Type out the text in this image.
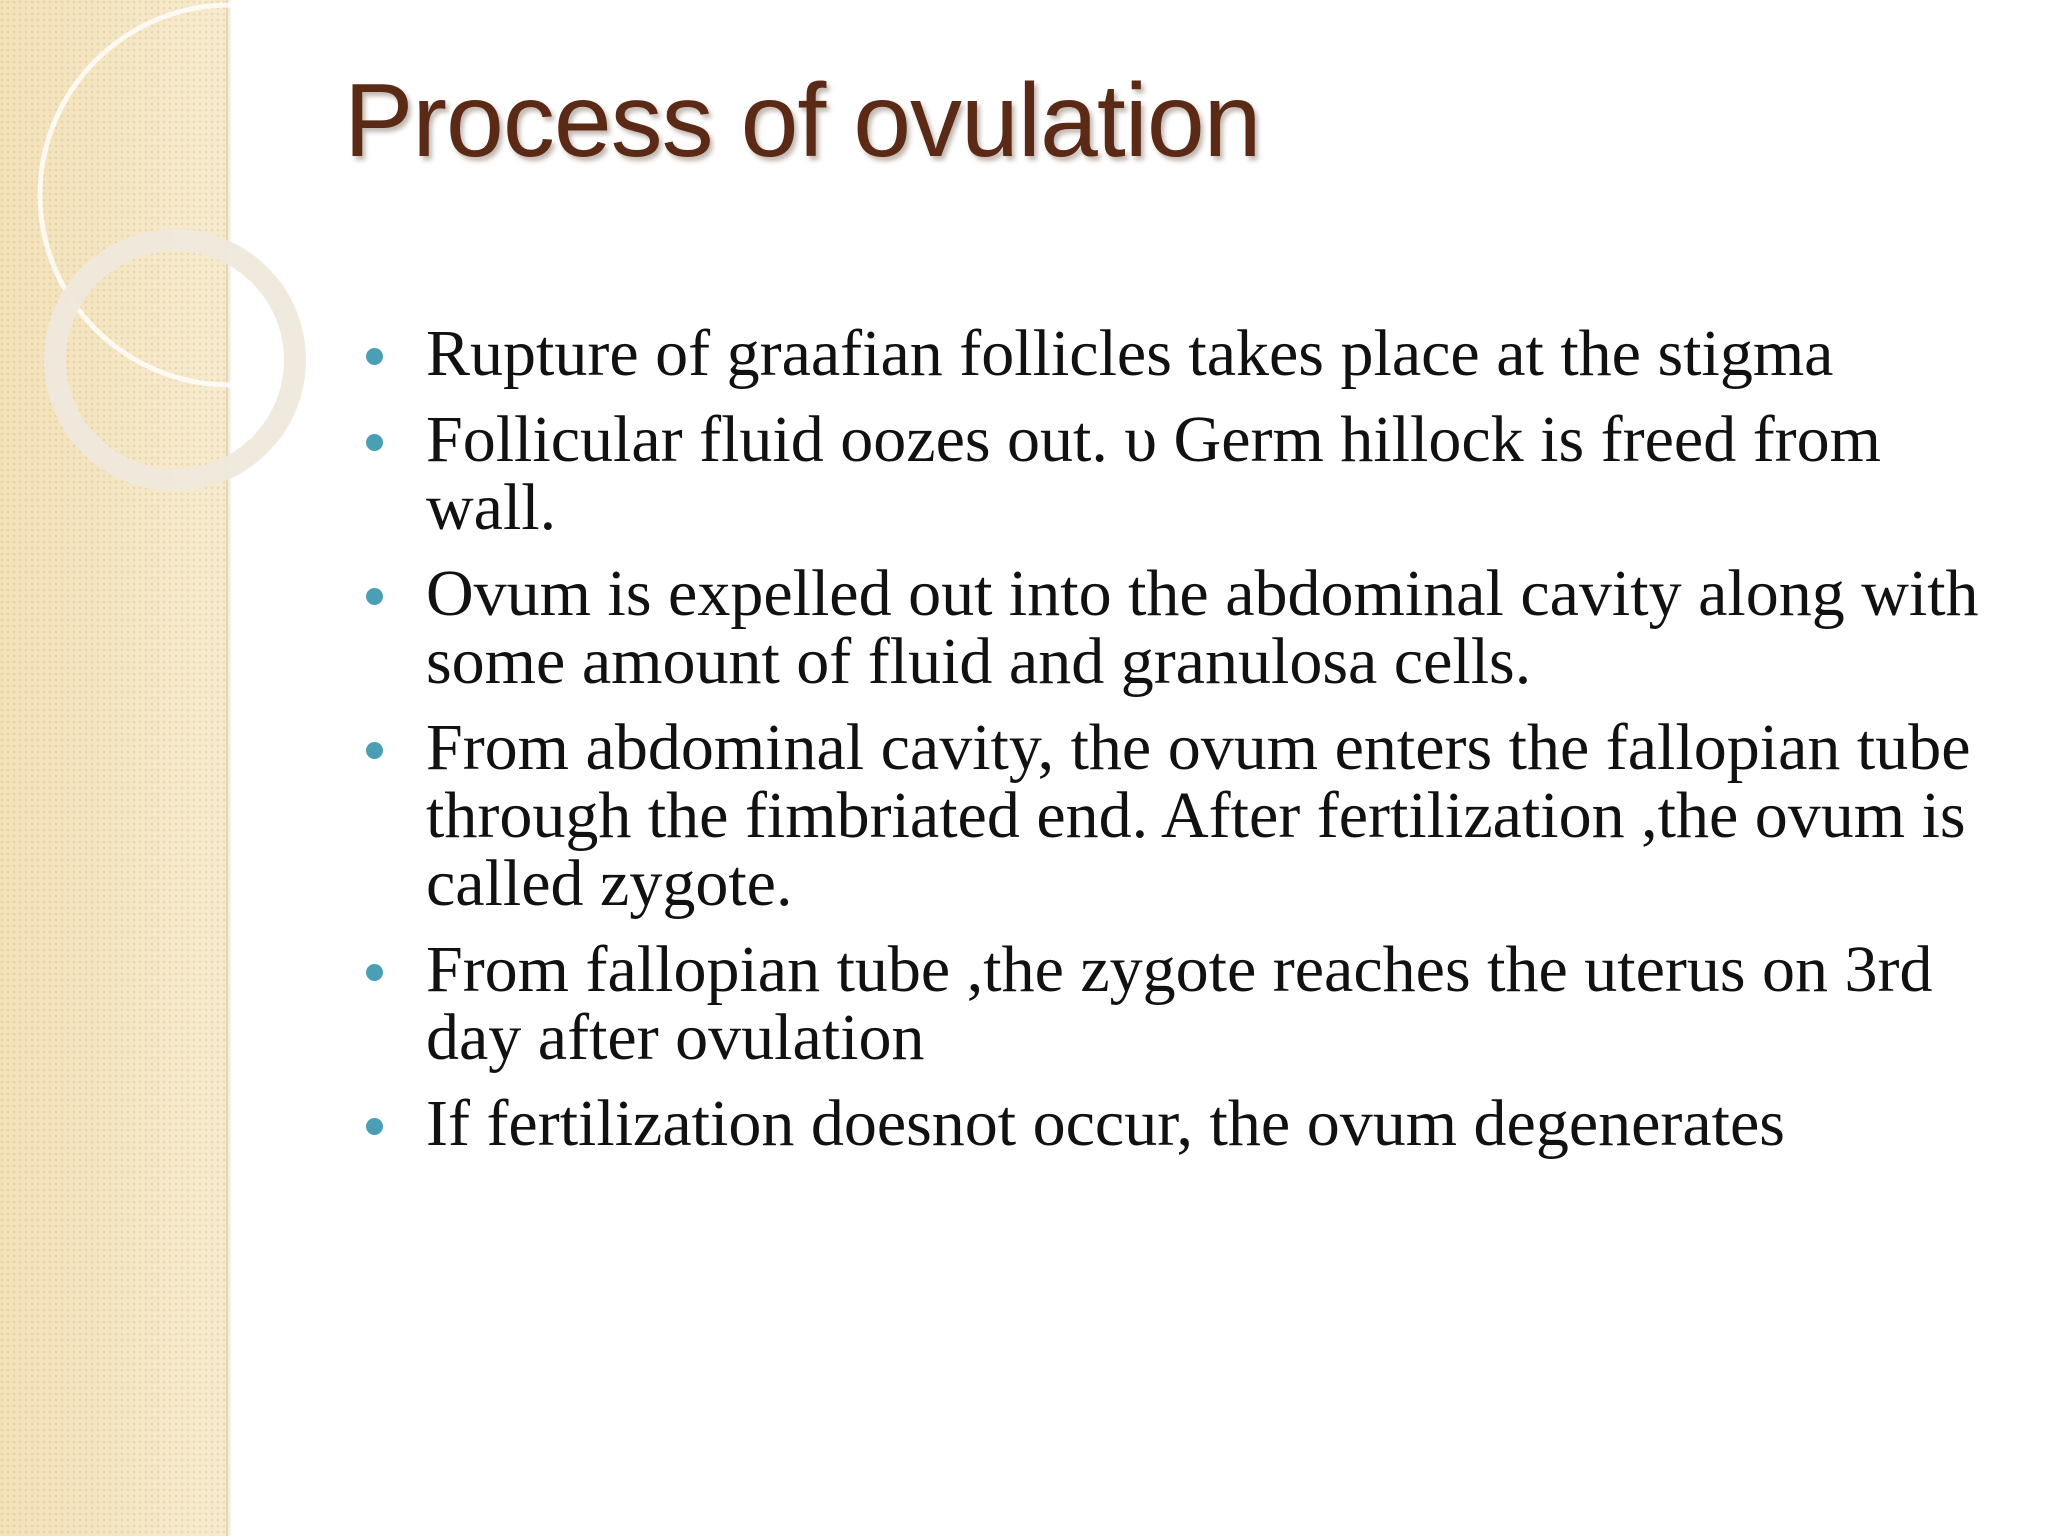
Process of ovulation
Rupture of graafian follicles takes place at the stigma
Follicular fluid oozes out. υ Germ hillock is freed from wall.
Ovum is expelled out into the abdominal cavity along with some amount of fluid and granulosa cells.
From abdominal cavity, the ovum enters the fallopian tube through the fimbriated end. After fertilization ,the ovum is called zygote.
From fallopian tube ,the zygote reaches the uterus on 3rd day after ovulation
If fertilization doesnot occur, the ovum degenerates
